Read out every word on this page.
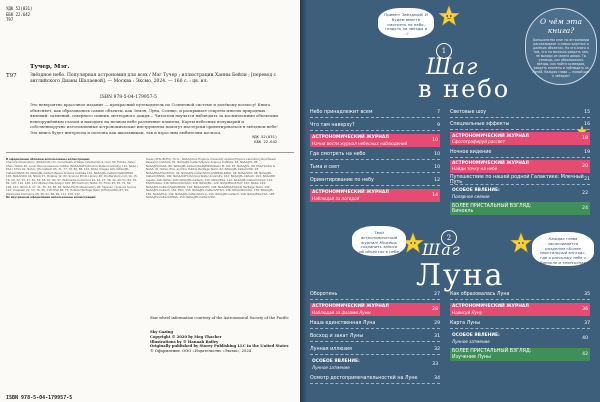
УДК 52(031)
ББК 22.642
Т97
Т97
Тучер, Мэг.
Звёздное небо. Популярная астрономия для всех / Мэг Тучер ; иллюстрации Ханны Бейли ; [перевод с английского Дианы Шалаевой]. — Москва : Эксмо, 2024. — 160 с. : цв. ил.
Это невероятно красочное издание — прекрасный путеводитель по Солнечной системе и далёкому космосу! Книга объясняет, как образовались самые объекты, как Земля, Луна, Солнце, и раскрывает секреты многих природных явлений: затмений, северного сияния, метеорного дождя... Читатели научатся наблюдать за космическими объектами невооружённым глазом и находить на ночном небе различные планеты. Карты небесных полушарий и собственноручно изготовленные астрономические инструменты помогут мастерски ориентироваться в звёздном небе! Эта книга будет интересна и полезна как школьникам, так и взрослым любителям космоса.
ISBN 978-5-04-179957-5
УДК 52(031)
ББК 22.642
В оформлении обложки использованы иллюстрации:
Chandra Observatory (NASA/CXC) 21, Coral Reefs of Palau (Shutterstock.com) 30, Fotolia, Helen Shao / NASA 46, Lunar Reconnaissance Orbiter (NASA/GSFC/Arizona State University) 113, NASA / ESA / STScI 62, NASA / JPL-Caltech 65, 71, 77, 78, 86, 88, 104, NASA Images 100, NASA/JPL-Caltech/MSSS 99, NASA/JPL-Caltech/Space Science Institute 101, NASA/JPL-Caltech/SwRI/MSSS 103, NASA/SDO 44, NOAA 47, Pixabay 12, 60, Science Photo Library 28, Shutterstock.com 14, 15, 16, 19, 32, 33, 37, 40, 52, 56, 67, 94, 97, Wikimedia Commons 24, 26, 27, 38, 42, 49, 51, 64, 76, 82, 107, 110, 126, 134; Nielsen MacGregor 106; Bill Dunford / NASA 70; Flickr 45, 55, 72, 84, 109, 121; iStock 8, 17, 21, 35, 44, 58, 62; NASA Earth Observatory 46; Skyscan / Science Source 112; Unsplash 22, 53, 76, 95, 118; ESO 68, 74; Hubble Heritage Team (STScI/AURA) 63, 92; Wikimedia Commons 28, 36, 42, 88, 96, 111, 130, 142.
Во внутреннем оформлении использованы иллюстрации:
Texas (STSL/ELFN), 79 t.l.: NASA/Johns Hopkins University Applied Physics Laboratory/Southwest Research Institute; 81: NASA/JPL-Caltech/Space Science Institute; 83: NASA/JPL; 85: NASA/JPL/USGS; 86: NASA/JPL-Caltech/SwRI/MSSS/Kevin M. Gill; 87: NASA/JPL; 90: ESA/Hubble & NASA; 91: NASA, ESA, and the Hubble Heritage Team; 92: NASA/JPL-Caltech/SSI; 93: NASA/ESA/CSA/STScI; 94: NASA/JPL-Caltech/UCLA/MPS/DLR/IDA; 96: NASA/SDO; 98: NASA/JPL-Caltech/MSSS; 100: NASA/GSFC/Arizona State University; 102: NASA/JPL-Caltech; 104: NASA/Bill Ingalls; 106: NASA; 108: NASA/JPL-Caltech; 110: NASA/ESA; 112: NASA/JPL-Caltech/UCLA; 114: ESA/Hubble; 116: NASA/CXC/SAO; 118: NASA/JPL; 120: NASA/ESA/STScI; 122: NASA; 124: NASA/JPL-Caltech/SwRI/MSSS; 126: NASA/GSFC; 128: NASA/ESA/Hubble Heritage Team; 130: NASA/JPL-Caltech; 132: ESO; 134: NASA/JPL-Caltech/STScI; 136: NASA/SDO/AIA; 138: NASA/JPL; 140: NASA/ESA; 142: NASA/JPL-Caltech/UCLA; 144: NASA/JPL-Caltech; 146: NASA/ESA/CSA; 148: NASA/JPL-Caltech/MSSS; 150: NASA/JPL-Caltech/SSI.
Star wheel information courtesy of the Astronomical Society of the Pacific
Sky Gazing
Copyright © 2020 by Meg Thacher
Illustrations by © Hannah Bailey
Originally published by Storey Publishing LLC in the United States
© Оформление. ООО «Издательство «Эксмо», 2024
ISBN 978-5-04-179957-5
Привет! Звёздный! И будем вместе смотреть на небо, глядеть на звезды и ...!
О чём эта книга?
Большинство книг по астрономии рассказывают о самых крупных и далёких объектах. Но эта книга о том, что ты можешь увидеть сам, не выходя из своего двора. Ты узнаешь, как образовались звёзды, как найти созвездия, увидеть планеты и наблюдать за Луной. Каждая глава — новый шаг к звёздам!
1
Шаг
в небо
Небо принадлежит всем	7
Что там наверху?	9
АСТРОНОМИЧЕСКИЙ ЖУРНАЛ
Начни вести журнал небесных наблюдений	10
Где смотреть на небо	10
Тьма и свет	10
Ориентирование по небу	12
АСТРОНОМИЧЕСКИЙ ЖУРНАЛ
Наблюдай за погодой	14
Световые шоу	15
Специальные эффекты	16
АСТРОНОМИЧЕСКИЙ ЖУРНАЛ
Сфотографируй рассвет	18
Ночное видение	19
АСТРОНОМИЧЕСКИЙ ЖУРНАЛ
Найди точку на небе	20
Путешествие по нашей родной Галактике: Млечный Путь	21
ОСОБОЕ ЯВЛЕНИЕ:
Полярное сияние	22
БОЛЕЕ ПРИСТАЛЬНЫЙ ВЗГЛЯД:
Бинокль	24
Твой астрономический журнал! Можешь сохранить записи об объектах в небе
Каждая глава заканчивается разделом «Более пристальный взгляд», где я расскажу тебе о бинокле и телескопах
2
Шаг
Луна
Оборотень	27
АСТРОНОМИЧЕСКИЙ ЖУРНАЛ
Наблюдай за фазами Луны	28
Наша единственная Луна	29
Восход и закат Луны	31
Лунная иллюзия	32
ОСОБОЕ ЯВЛЕНИЕ:
Лунное затмение	33
Осмотр достопримечательностей на Луне	34
Как образовалась Луна	35
АСТРОНОМИЧЕСКИЙ ЖУРНАЛ
Нарисуй Луну	36
Карта Луны	37
ОСОБОЕ ЯВЛЕНИЕ:
Лунное затмение	40
БОЛЕЕ ПРИСТАЛЬНЫЙ ВЗГЛЯД:
Изучение Луны	42
